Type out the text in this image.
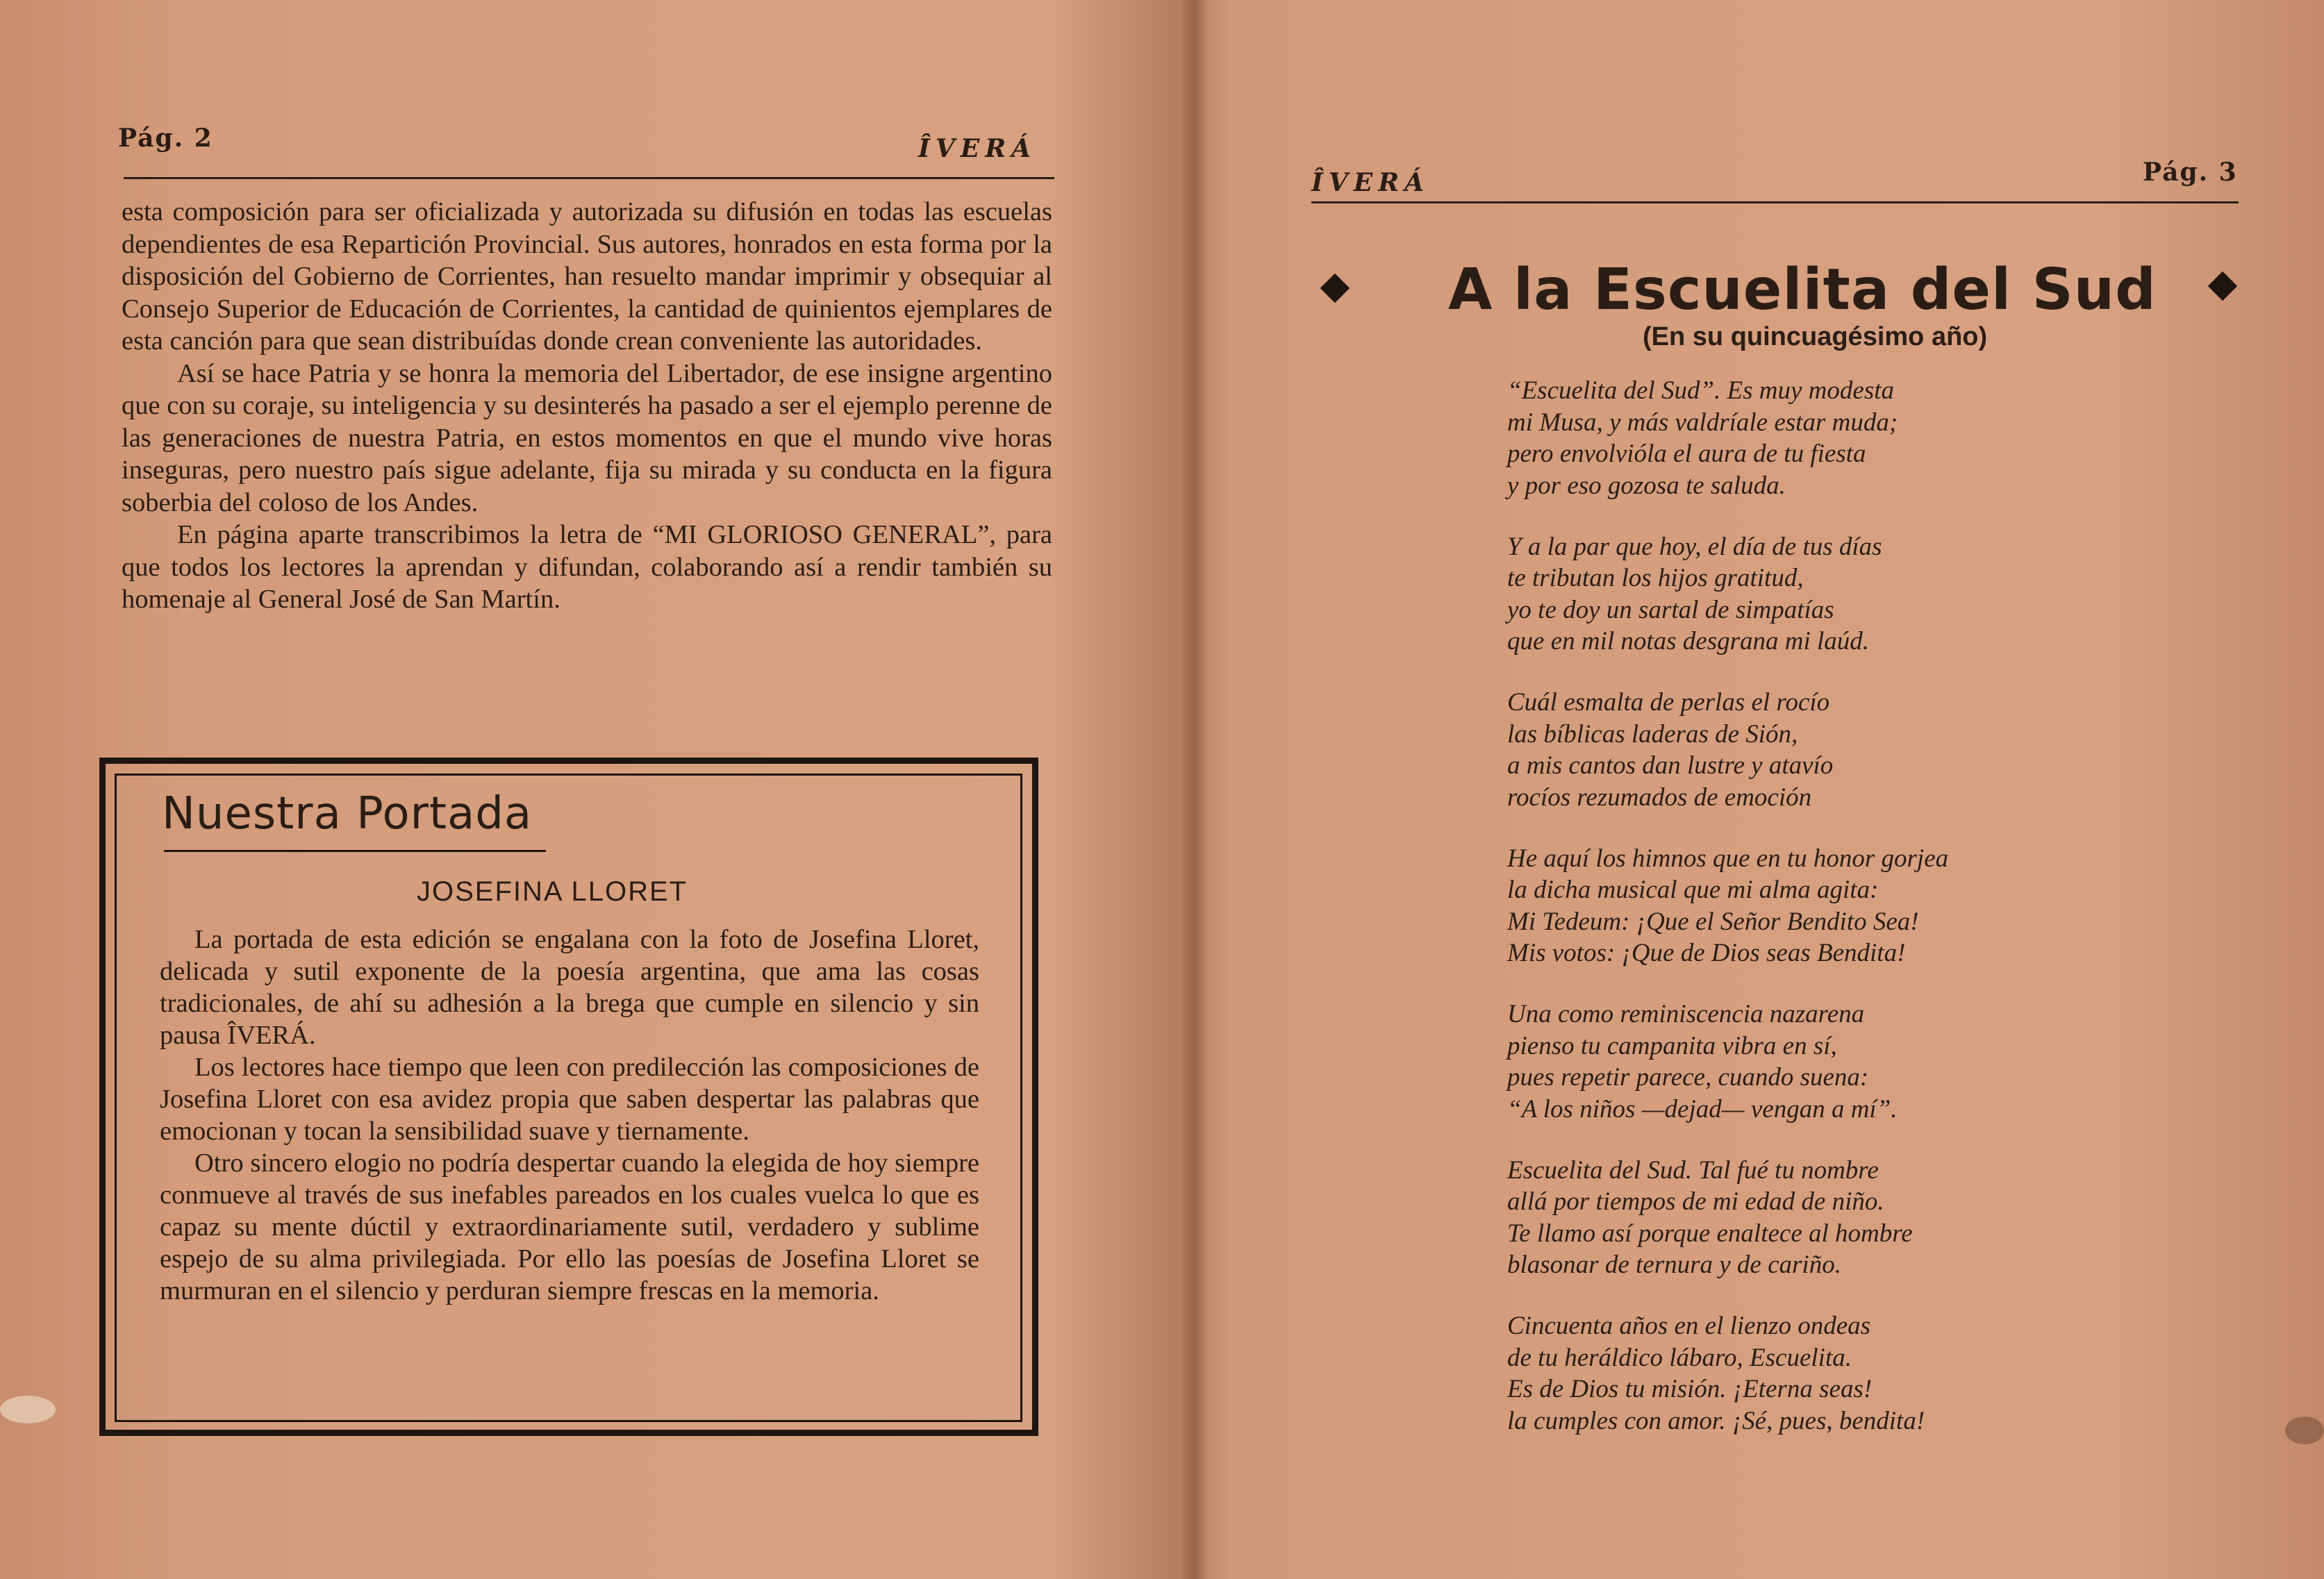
Pág. 2	ÎVERÁ

esta composición para ser oficializada y autorizada su difusión en todas las escuelas dependientes de esa Repartición Provincial. Sus autores, honrados en esta forma por la disposición del Gobierno de Corrientes, han resuelto mandar imprimir y obsequiar al Consejo Superior de Educación de Corrientes, la cantidad de quinientos ejemplares de esta canción para que sean distribuídas donde crean conveniente las autoridades.

Así se hace Patria y se honra la memoria del Libertador, de ese insigne argentino que con su coraje, su inteligencia y su desinterés ha pasado a ser el ejemplo perenne de las generaciones de nuestra Patria, en estos momentos en que el mundo vive horas inseguras, pero nuestro país sigue adelante, fija su mirada y su conducta en la figura soberbia del coloso de los Andes.

En página aparte transcribimos la letra de “MI GLORIOSO GENERAL”, para que todos los lectores la aprendan y difundan, colaborando así a rendir también su homenaje al General José de San Martín.

Nuestra Portada
JOSEFINA LLORET

La portada de esta edición se engalana con la foto de Josefina Lloret, delicada y sutil exponente de la poesía argentina, que ama las cosas tradicionales, de ahí su adhesión a la brega que cumple en silencio y sin pausa ÎVERÁ.

Los lectores hace tiempo que leen con predilección las composiciones de Josefina Lloret con esa avidez propia que saben despertar las palabras que emocionan y tocan la sensibilidad suave y tiernamente.

Otro sincero elogio no podría despertar cuando la elegida de hoy siempre conmueve al través de sus inefables pareados en los cuales vuelca lo que es capaz su mente dúctil y extraordinariamente sutil, verdadero y sublime espejo de su alma privilegiada. Por ello las poesías de Josefina Lloret se murmuran en el silencio y perduran siempre frescas en la memoria.

ÎVERÁ	Pág. 3
A la Escuelita del Sud
(En su quincuagésimo año)
“Escuelita del Sud”. Es muy modesta
mi Musa, y más valdríale estar muda;
pero envolvióla el aura de tu fiesta
y por eso gozosa te saluda.
Y a la par que hoy, el día de tus días
te tributan los hijos gratitud,
yo te doy un sartal de simpatías
que en mil notas desgrana mi laúd.
Cuál esmalta de perlas el rocío
las bíblicas laderas de Sión,
a mis cantos dan lustre y atavío
rocíos rezumados de emoción
He aquí los himnos que en tu honor gorjea
la dicha musical que mi alma agita:
Mi Tedeum: ¡Que el Señor Bendito Sea!
Mis votos: ¡Que de Dios seas Bendita!
Una como reminiscencia nazarena
pienso tu campanita vibra en sí,
pues repetir parece, cuando suena:
“A los niños —dejad— vengan a mí”.
Escuelita del Sud. Tal fué tu nombre
allá por tiempos de mi edad de niño.
Te llamo así porque enaltece al hombre
blasonar de ternura y de cariño.
Cincuenta años en el lienzo ondeas
de tu heráldico lábaro, Escuelita.
Es de Dios tu misión. ¡Eterna seas!
la cumples con amor. ¡Sé, pues, bendita!
